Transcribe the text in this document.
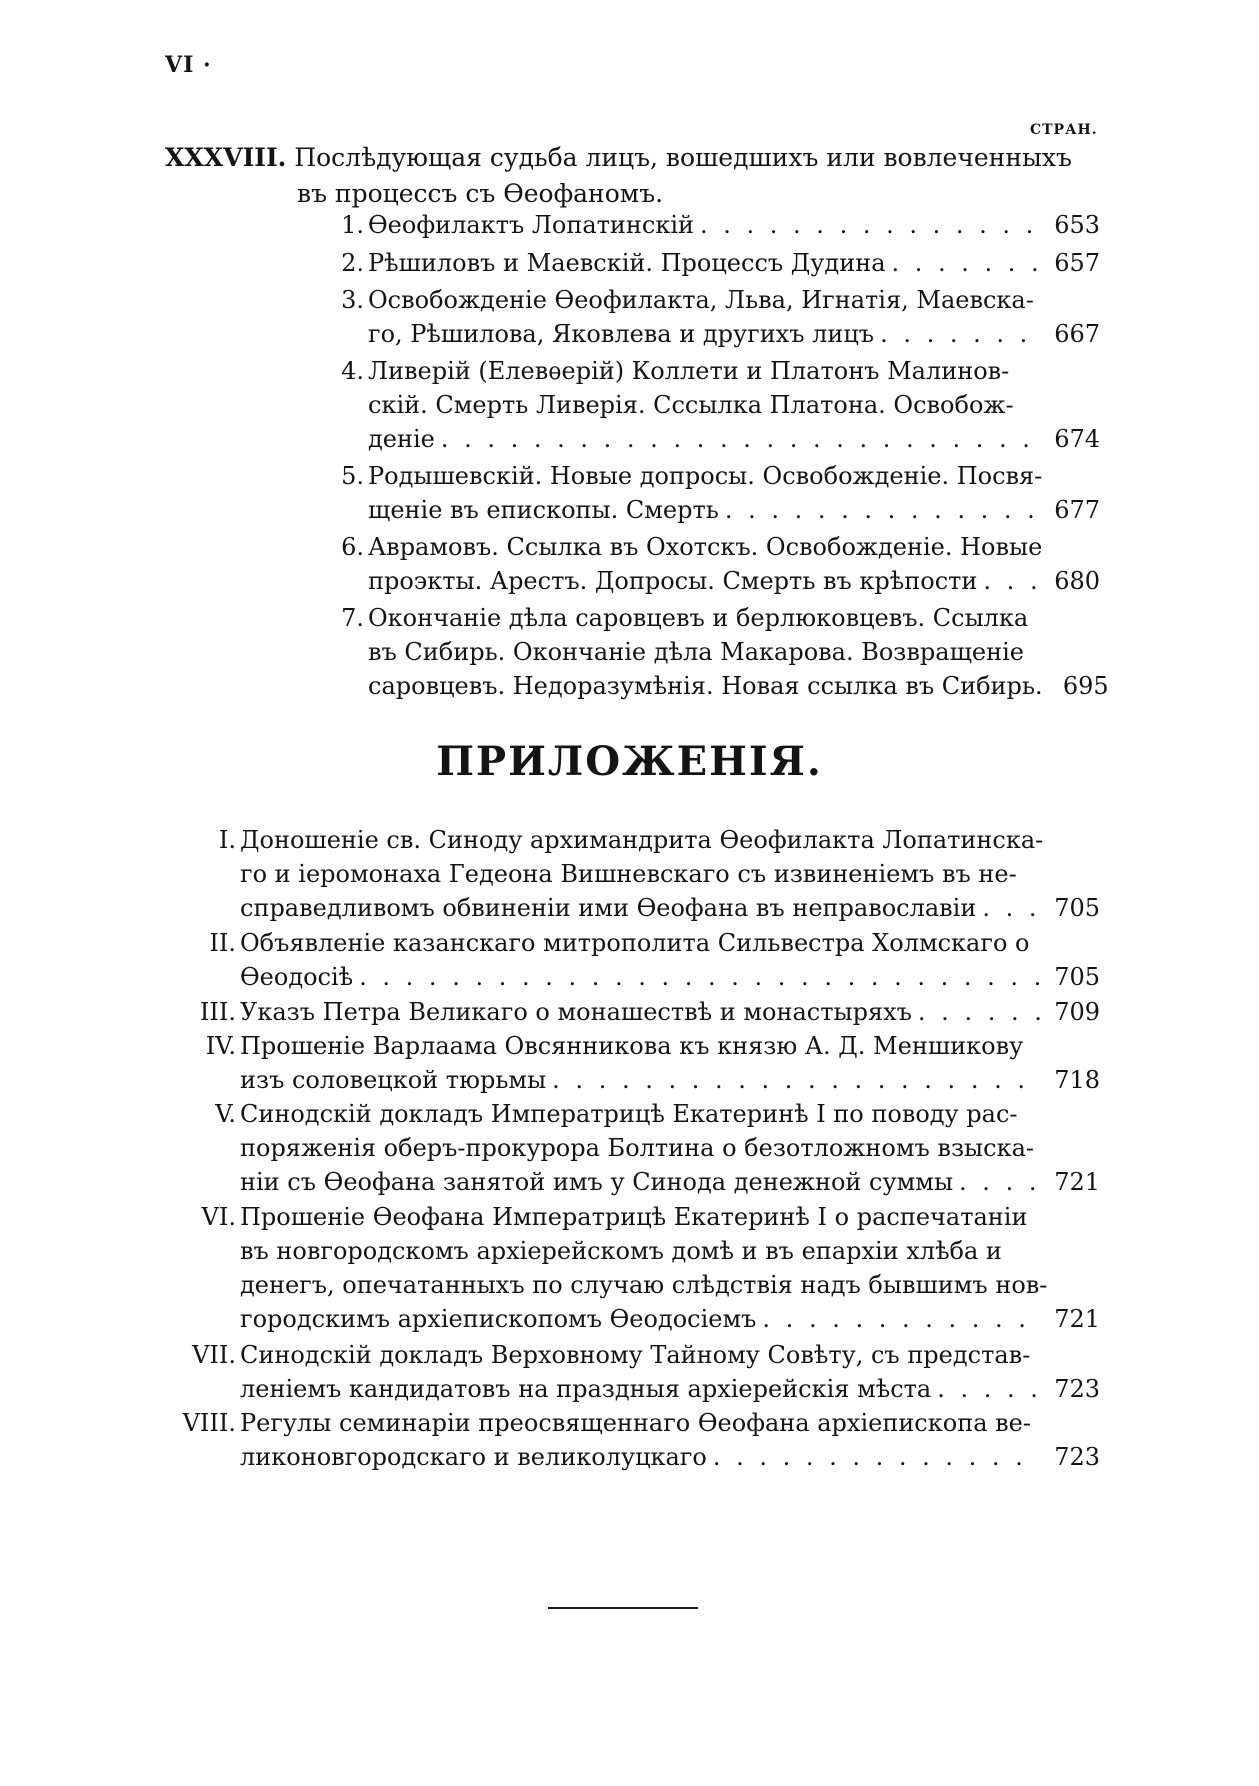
VI ·
СТРАН.
XXXVIII. Послѣдующая судьба лицъ, вошедшихъ или вовлеченныхъ
въ процессъ съ Ѳеофаномъ.
1. Ѳеофилактъ Лопатинскій . . .	653
2. Рѣшиловъ и Маевскій. Процессъ Дудина . . .	657
3. Освобожденіе Ѳеофилакта, Льва, Игнатія, Маевска-
го, Рѣшилова, Яковлева и другихъ лицъ . . .	667
4. Ливерій (Елевѳерій) Коллети и Платонъ Малинов-
скій. Смерть Ливерія. Сссылка Платона. Освобож-
деніе . . .	674
5. Родышевскій. Новые допросы. Освобожденіе. Посвя-
щеніе въ епископы. Смерть . . .	677
6. Аврамовъ. Ссылка въ Охотскъ. Освобожденіе. Новые
проэкты. Арестъ. Допросы. Смерть въ крѣпости . . .	680
7. Окончаніе дѣла саровцевъ и берлюковцевъ. Ссылка
въ Сибирь. Окончаніе дѣла Макарова. Возвращеніе
саровцевъ. Недоразумѣнія. Новая ссылка въ Сибирь. 695
ПРИЛОЖЕНІЯ.
I. Доношеніе св. Синоду архимандрита Ѳеофилакта Лопатинска-
го и іеромонаха Гедеона Вишневскаго съ извиненіемъ въ не-
справедливомъ обвиненіи ими Ѳеофана въ неправославіи . . .	705
II. Объявленіе казанскаго митрополита Сильвестра Холмскаго о
Ѳеодосіѣ . . .	705
III. Указъ Петра Великаго о монашествѣ и монастыряхъ . . .	709
IV. Прошеніе Варлаама Овсянникова къ князю А. Д. Меншикову
изъ соловецкой тюрьмы . . .	718
V. Синодскій докладъ Императрицѣ Екатеринѣ I по поводу рас-
поряженія оберъ-прокурора Болтина о безотложномъ взыска-
ніи съ Ѳеофана занятой имъ у Синода денежной суммы . . .	721
VI. Прошеніе Ѳеофана Императрицѣ Екатеринѣ I о распечатаніи
въ новгородскомъ архіерейскомъ домѣ и въ епархіи хлѣба и
денегъ, опечатанныхъ по случаю слѣдствія надъ бывшимъ нов-
городскимъ архіепископомъ Ѳеодосіемъ . . .	721
VII. Синодскій докладъ Верховному Тайному Совѣту, съ представ-
леніемъ кандидатовъ на праздныя архіерейскія мѣста . . .	723
VIII. Регулы семинаріи преосвященнаго Ѳеофана архіепископа ве-
ликоновгородскаго и великолуцкаго . . .	723
